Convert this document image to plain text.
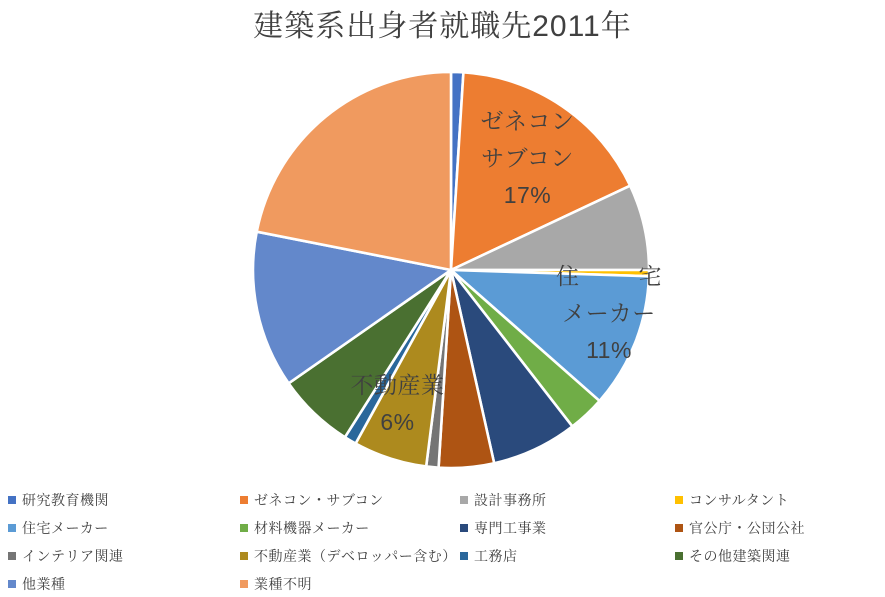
建築系出身者就職先2011年
ゼネコン
サブコン
17%
住	宅
メーカー
11%
不動産業
6%
研究教育機関	ゼネコン・サブコン	設計事務所	コンサルタント
住宅メーカー	材料機器メーカー	専門工事業	官公庁・公団公社
インテリア関連	不動産業（デベロッパー含む） 工務店	その他建築関連
他業種	業種不明
